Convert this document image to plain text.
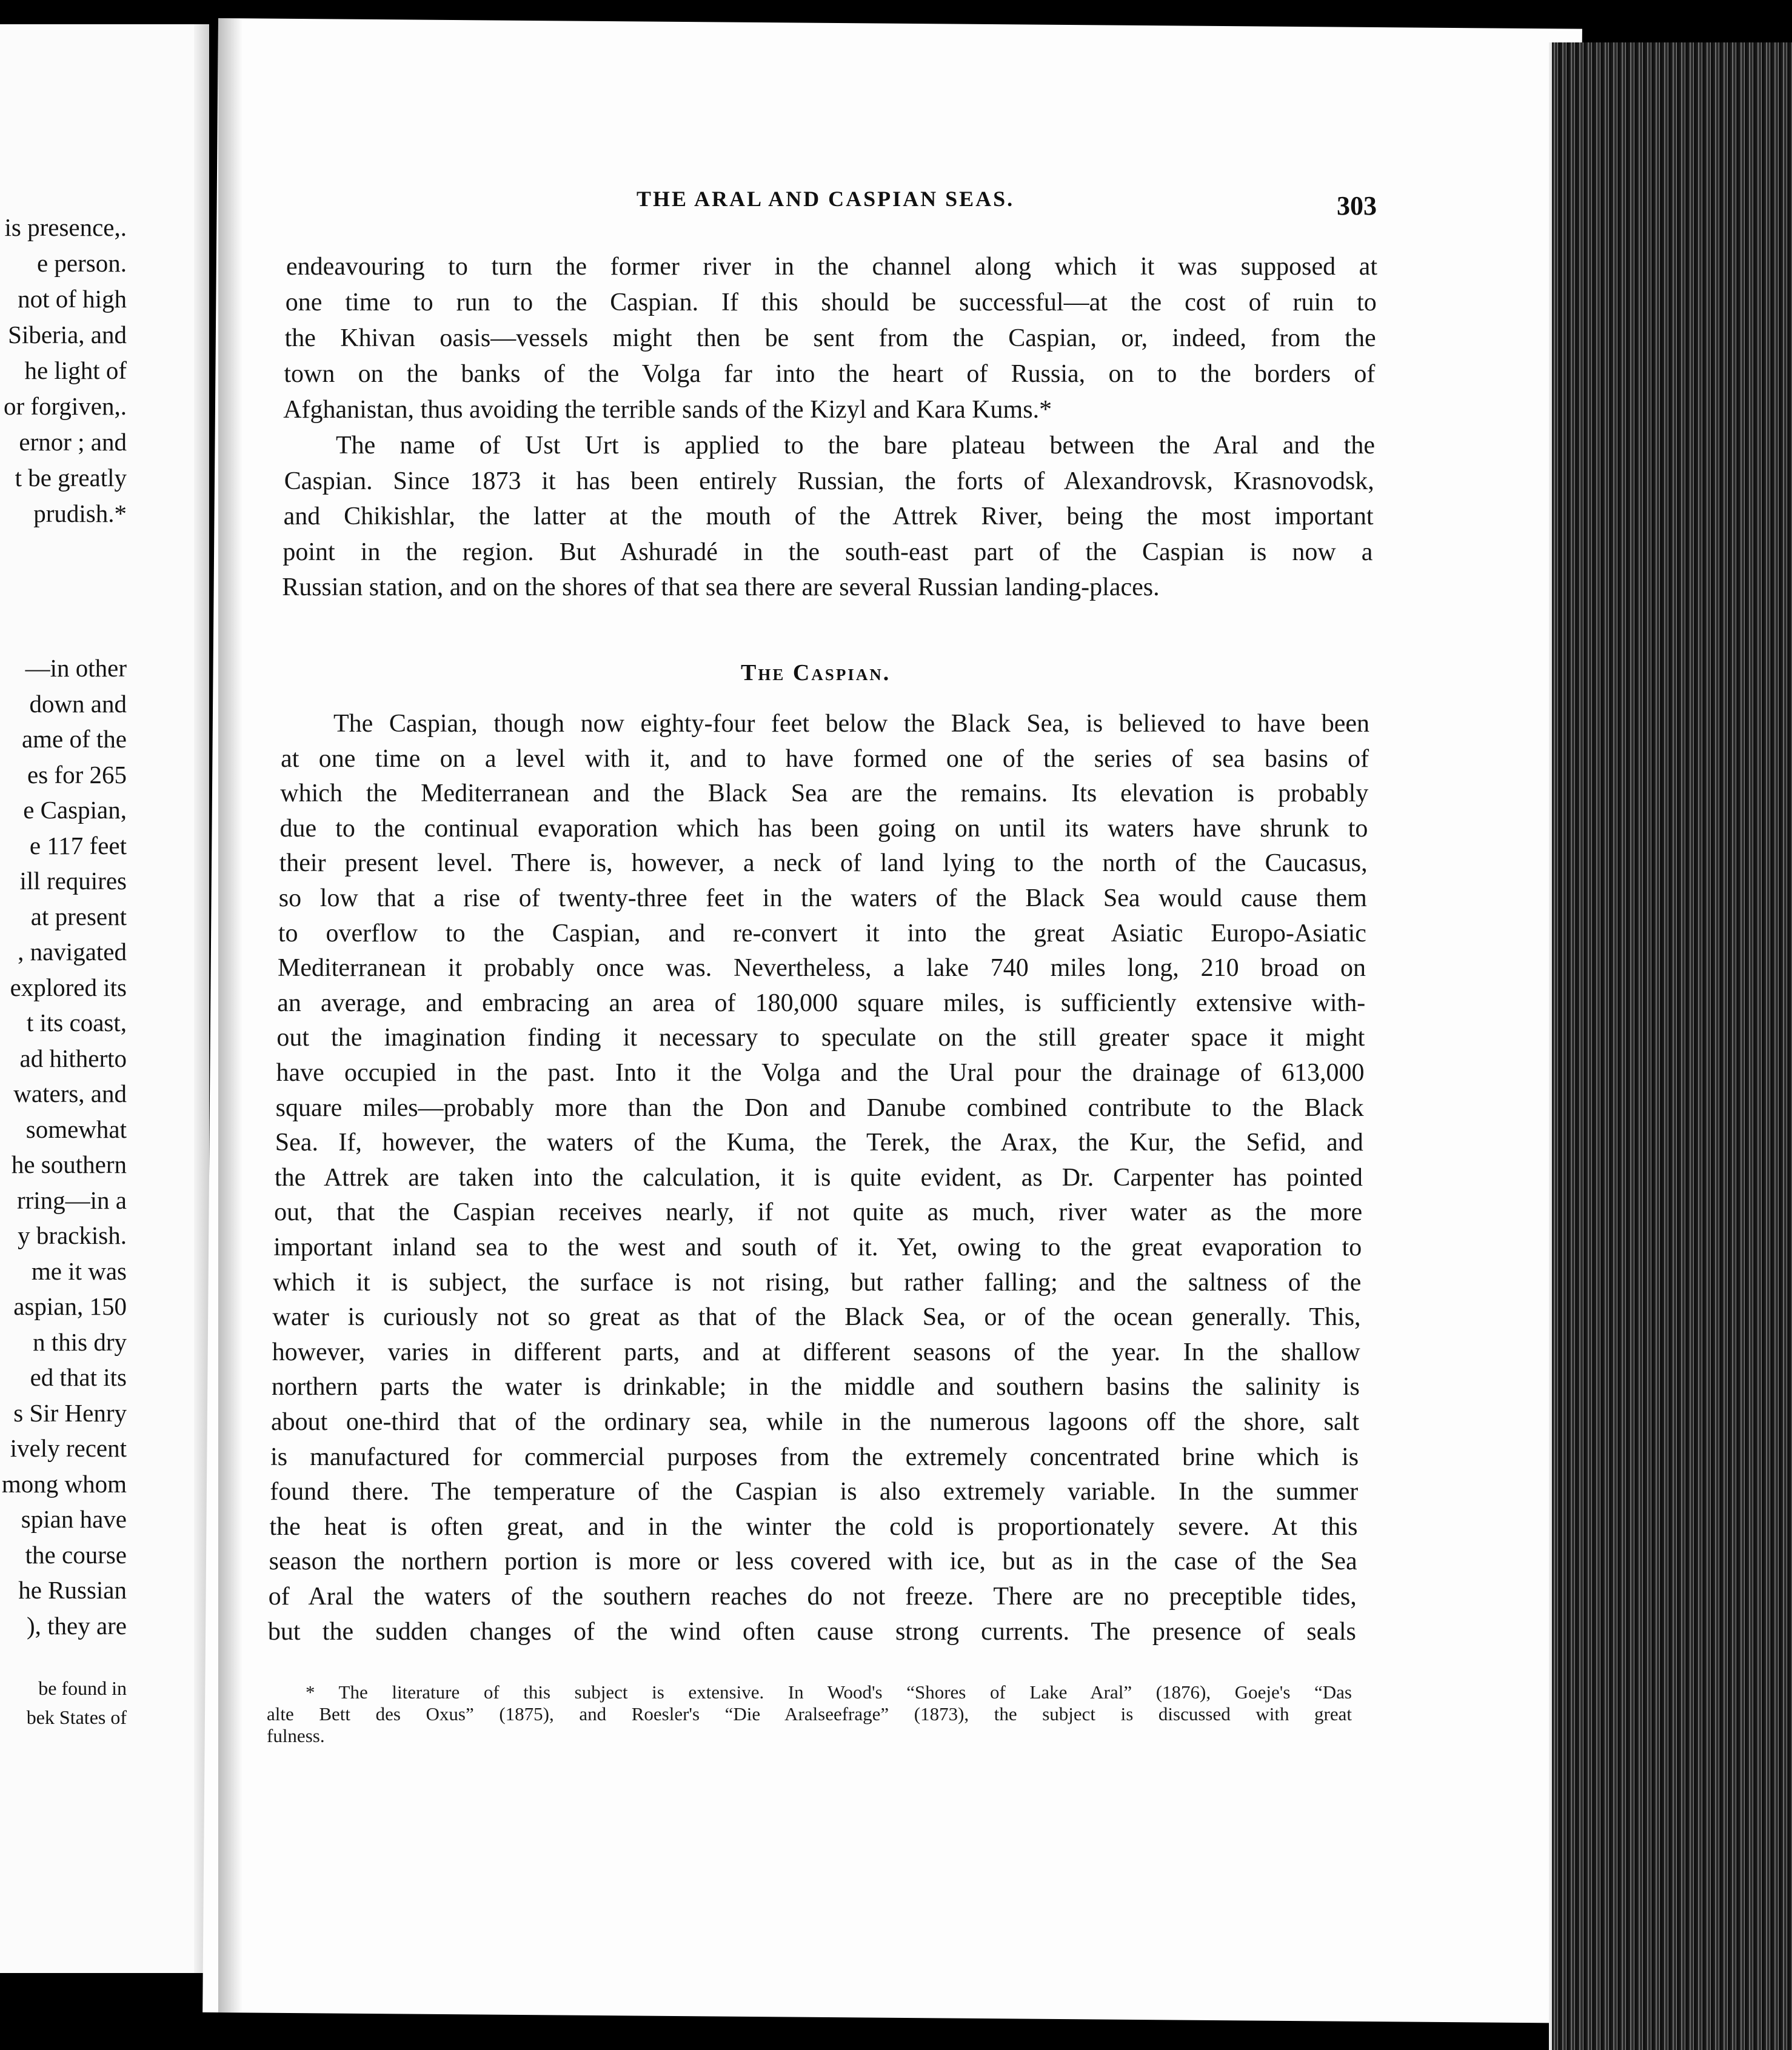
is presence,.
e person.
not of high
Siberia, and
he light of
or forgiven,.
ernor ; and
t be greatly
prudish.*
—in other
down and
ame of the
es for 265
e Caspian,
e 117 feet
ill requires
at present
, navigated
explored its
t its coast,
ad hitherto
waters, and
somewhat
he southern
rring—in a
y brackish.
me it was
aspian, 150
n this dry
ed that its
s Sir Henry
ively recent
mong whom
spian have
the course
he Russian
), they are
be found in
bek States of
THE ARAL AND CASPIAN SEAS.	303
The Caspian.
endeavouring to turn the former river in the channel along which it was supposed at
one time to run to the Caspian. If this should be successful—at the cost of ruin to
the Khivan oasis—vessels might then be sent from the Caspian, or, indeed, from the
town on the banks of the Volga far into the heart of Russia, on to the borders of
Afghanistan, thus avoiding the terrible sands of the Kizyl and Kara Kums.*
The name of Ust Urt is applied to the bare plateau between the Aral and the
Caspian. Since 1873 it has been entirely Russian, the forts of Alexandrovsk, Krasnovodsk,
and Chikishlar, the latter at the mouth of the Attrek River, being the most important
point in the region. But Ashuradé in the south-east part of the Caspian is now a
Russian station, and on the shores of that sea there are several Russian landing-places.
The Caspian, though now eighty-four feet below the Black Sea, is believed to have been
at one time on a level with it, and to have formed one of the series of sea basins of
which the Mediterranean and the Black Sea are the remains. Its elevation is probably
due to the continual evaporation which has been going on until its waters have shrunk to
their present level. There is, however, a neck of land lying to the north of the Caucasus,
so low that a rise of twenty-three feet in the waters of the Black Sea would cause them
to overflow to the Caspian, and re-convert it into the great Asiatic Europo-Asiatic
Mediterranean it probably once was. Nevertheless, a lake 740 miles long, 210 broad on
an average, and embracing an area of 180,000 square miles, is sufficiently extensive with-
out the imagination finding it necessary to speculate on the still greater space it might
have occupied in the past. Into it the Volga and the Ural pour the drainage of 613,000
square miles—probably more than the Don and Danube combined contribute to the Black
Sea. If, however, the waters of the Kuma, the Terek, the Arax, the Kur, the Sefid, and
the Attrek are taken into the calculation, it is quite evident, as Dr. Carpenter has pointed
out, that the Caspian receives nearly, if not quite as much, river water as the more
important inland sea to the west and south of it. Yet, owing to the great evaporation to
which it is subject, the surface is not rising, but rather falling; and the saltness of the
water is curiously not so great as that of the Black Sea, or of the ocean generally. This,
however, varies in different parts, and at different seasons of the year. In the shallow
northern parts the water is drinkable; in the middle and southern basins the salinity is
about one-third that of the ordinary sea, while in the numerous lagoons off the shore, salt
is manufactured for commercial purposes from the extremely concentrated brine which is
found there. The temperature of the Caspian is also extremely variable. In the summer
the heat is often great, and in the winter the cold is proportionately severe. At this
season the northern portion is more or less covered with ice, but as in the case of the Sea
of Aral the waters of the southern reaches do not freeze. There are no preceptible tides,
but the sudden changes of the wind often cause strong currents. The presence of seals
* The literature of this subject is extensive. In Wood's “Shores of Lake Aral” (1876), Goeje's “Das
alte Bett des Oxus” (1875), and Roesler's “Die Aralseefrage” (1873), the subject is discussed with great
fulness.
